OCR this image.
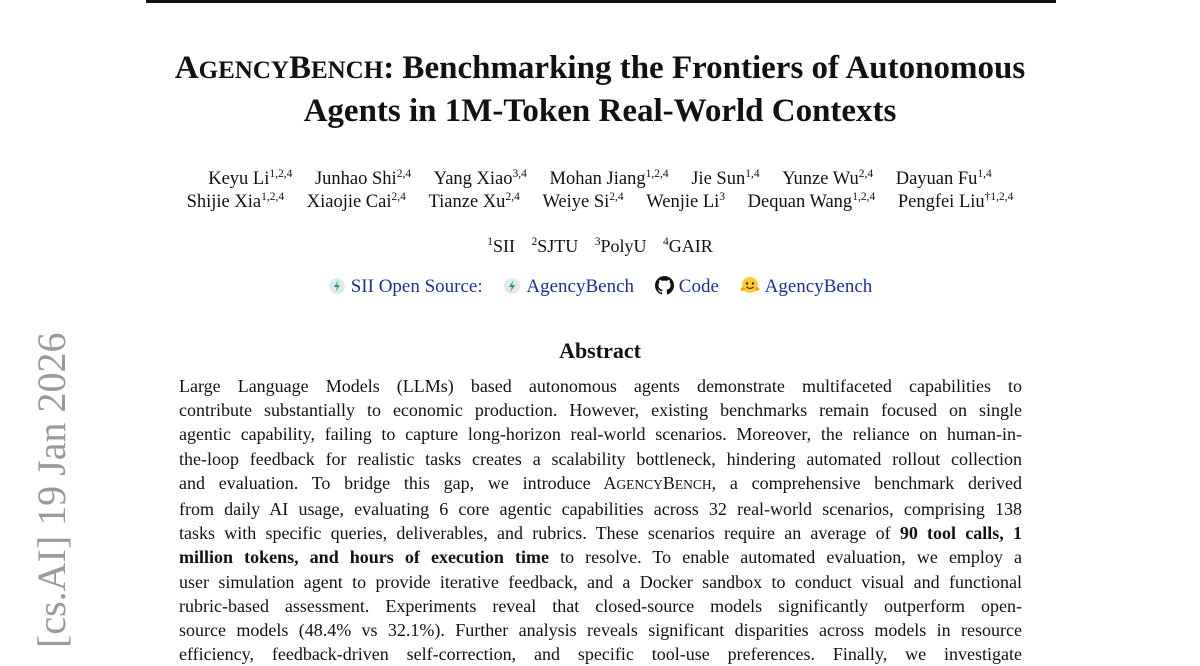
AGENCYBENCH: Benchmarking the Frontiers of Autonomous
Agents in 1M-Token Real-World Contexts
Keyu Li$^{1,2,4}$ Junhao Shi$^{2,4}$ Yang Xiao$^{3,4}$ Mohan Jiang$^{1,2,4}$ Jie Sun$^{1,4}$ Yunze Wu$^{2,4}$ Dayuan Fu$^{1,4}$
Shijie Xia$^{1,2,4}$ Xiaojie Cai$^{2,4}$ Tianze Xu$^{2,4}$ Weiye Si$^{2,4}$ Wenjie Li$^3$ Dequan Wang$^{1,2,4}$ Pengfei Liu$^{\dagger 1,2,4}$
$^1$SII $^2$SJTU $^3$PolyU $^4$GAIR
SII Open Source: AgencyBench Code AgencyBench
Abstract
Large Language Models (LLMs) based autonomous agents demonstrate multifaceted capabilities to
contribute substantially to economic production. However, existing benchmarks remain focused on single
agentic capability, failing to capture long-horizon real-world scenarios. Moreover, the reliance on human-in-
the-loop feedback for realistic tasks creates a scalability bottleneck, hindering automated rollout collection
and evaluation. To bridge this gap, we introduce AGENCYBENCH, a comprehensive benchmark derived
from daily AI usage, evaluating 6 core agentic capabilities across 32 real-world scenarios, comprising 138
tasks with specific queries, deliverables, and rubrics. These scenarios require an average of 90 tool calls, 1
million tokens, and hours of execution time to resolve. To enable automated evaluation, we employ a
user simulation agent to provide iterative feedback, and a Docker sandbox to conduct visual and functional
rubric-based assessment. Experiments reveal that closed-source models significantly outperform open-
source models (48.4% vs 32.1%). Further analysis reveals significant disparities across models in resource
efficiency, feedback-driven self-correction, and specific tool-use preferences. Finally, we investigate
[cs.AI] 19 Jan 2026
